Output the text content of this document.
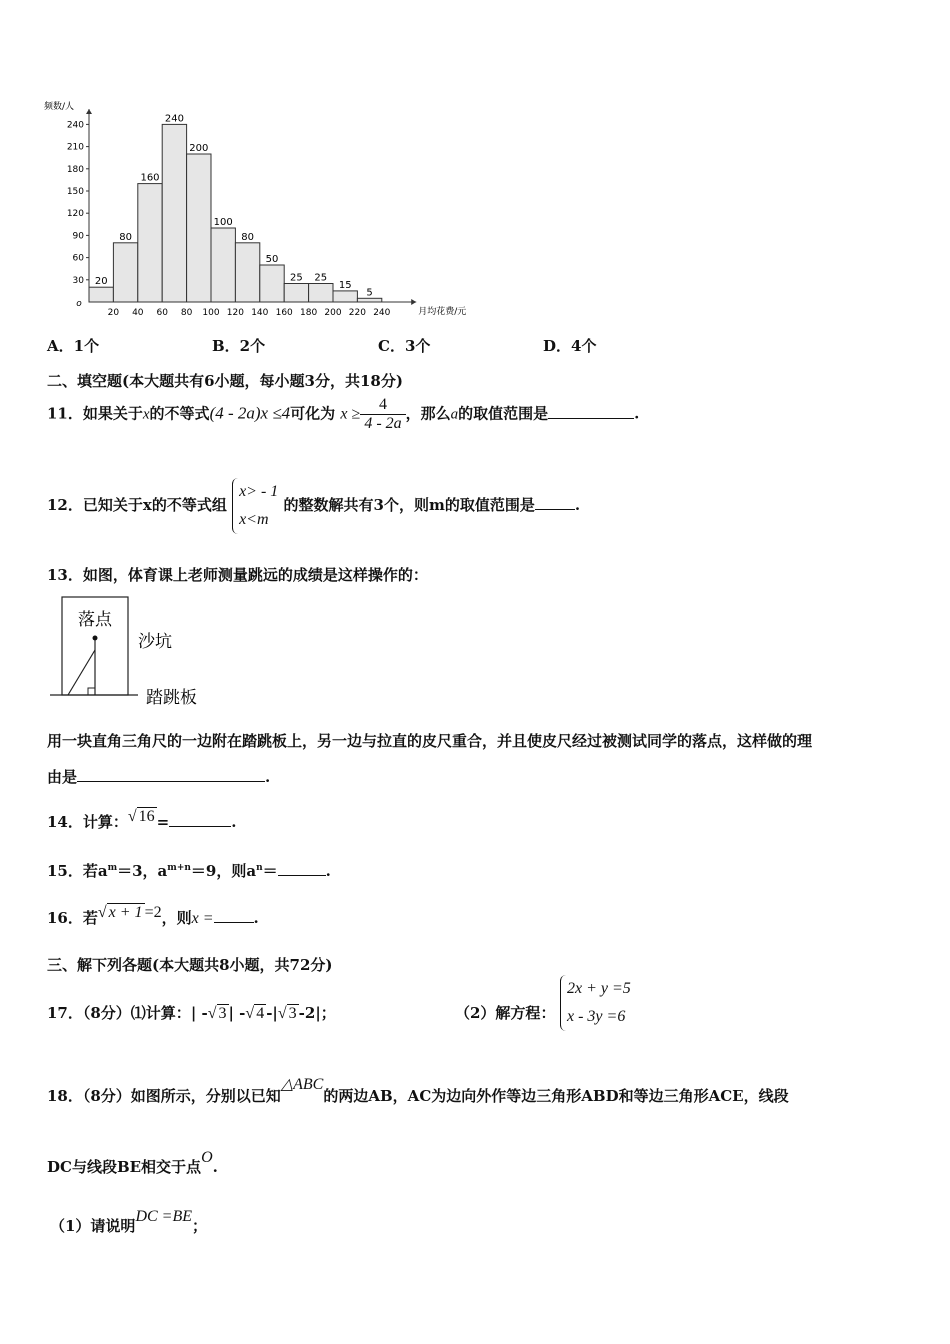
20
80
160
240
200
100
80
50
25 25
15
5
240
210
180
150
120
90
60
30
20 40 60 80 100 120 140 160 180 200 220 240
o
频数/人
月均花费/元
A．1个	B．2个	C．3个	D．4个
二、填空题(本大题共有6小题，每小题3分，共18分)
11．如果关于x的不等式(4 - 2a)x ≤4可化为 $x \ge \frac{4}{4 - 2a}$ ，那么a的取值范围是	.
12．已知关于x的不等式组
x> - 1
x<m
的整数解共有3个，则m的取值范围是	.
13．如图，体育课上老师测量跳远的成绩是这样操作的：
落点
沙坑
踏跳板
用一块直角三角尺的一边附在踏跳板上，另一边与拉直的皮尺重合，并且使皮尺经过被测试同学的落点，这样做的理
由是	.
14．计算：√ 16 =	.
15．若$a^m=3$，$a^{m+n}=9$，则$a^n=$	.
16．若√ x + 1 =2，则x =	.
三、解下列各题(本大题共8小题，共72分)
17．（8分）⑴计算：| -√ 3 | -√ 4 -|√ 3 -2|；	（2）解方程：
2x + y =5
x - 3y =6
18．（8分）如图所示，分别以已知△ABC的两边AB，AC为边向外作等边三角形ABD和等边三角形ACE，线段
DC与线段BE相交于点O.
（1）请说明DC =BE；
